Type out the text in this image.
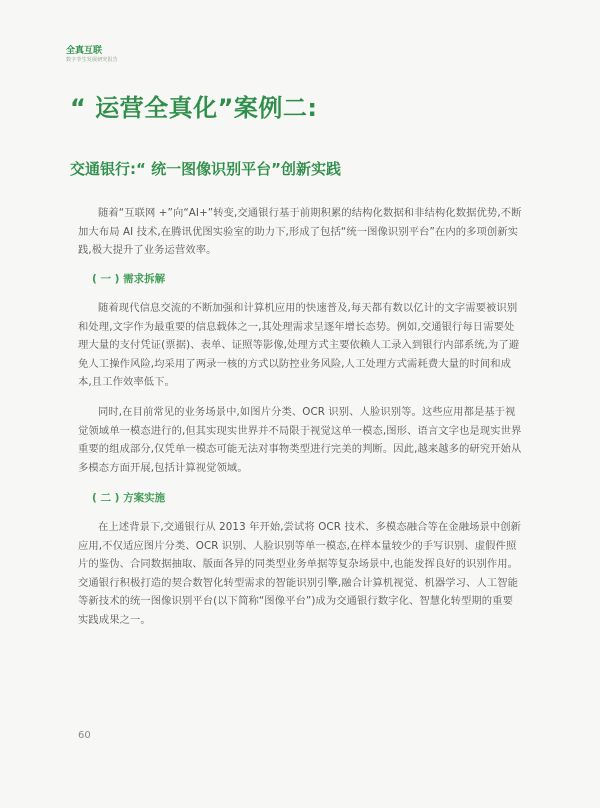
全真互联
数字孪生发展研究报告
“ 运营全真化”案例二:
交通银行:“ 统一图像识别平台”创新实践

随着“互联网 +”向“AI+”转变,交通银行基于前期积累的结构化数据和非结构化数据优势,不断加大布局 AI 技术,在腾讯优图实验室的助力下,形成了包括“统一图像识别平台”在内的多项创新实践,极大提升了业务运营效率。

( 一 ) 需求拆解

随着现代信息交流的不断加强和计算机应用的快速普及,每天都有数以亿计的文字需要被识别和处理,文字作为最重要的信息载体之一,其处理需求呈逐年增长态势。例如,交通银行每日需要处理大量的支付凭证(票据)、表单、证照等影像,处理方式主要依赖人工录入到银行内部系统,为了避免人工操作风险,均采用了两录一核的方式以防控业务风险,人工处理方式需耗费大量的时间和成本,且工作效率低下。

同时,在目前常见的业务场景中,如图片分类、OCR 识别、人脸识别等。这些应用都是基于视觉领域单一模态进行的,但其实现实世界并不局限于视觉这单一模态,图形、语言文字也是现实世界重要的组成部分,仅凭单一模态可能无法对事物类型进行完美的判断。因此,越来越多的研究开始从多模态方面开展,包括计算视觉领域。

( 二 ) 方案实施

在上述背景下,交通银行从 2013 年开始,尝试将 OCR 技术、多模态融合等在金融场景中创新应用,不仅适应图片分类、OCR 识别、人脸识别等单一模态,在样本量较少的手写识别、虚假件照片的鉴伪、合同数据抽取、版面各异的同类型业务单据等复杂场景中,也能发挥良好的识别作用。交通银行积极打造的契合数智化转型需求的智能识别引擎,融合计算机视觉、机器学习、人工智能等新技术的统一图像识别平台(以下简称“图像平台”)成为交通银行数字化、智慧化转型期的重要实践成果之一。

60
